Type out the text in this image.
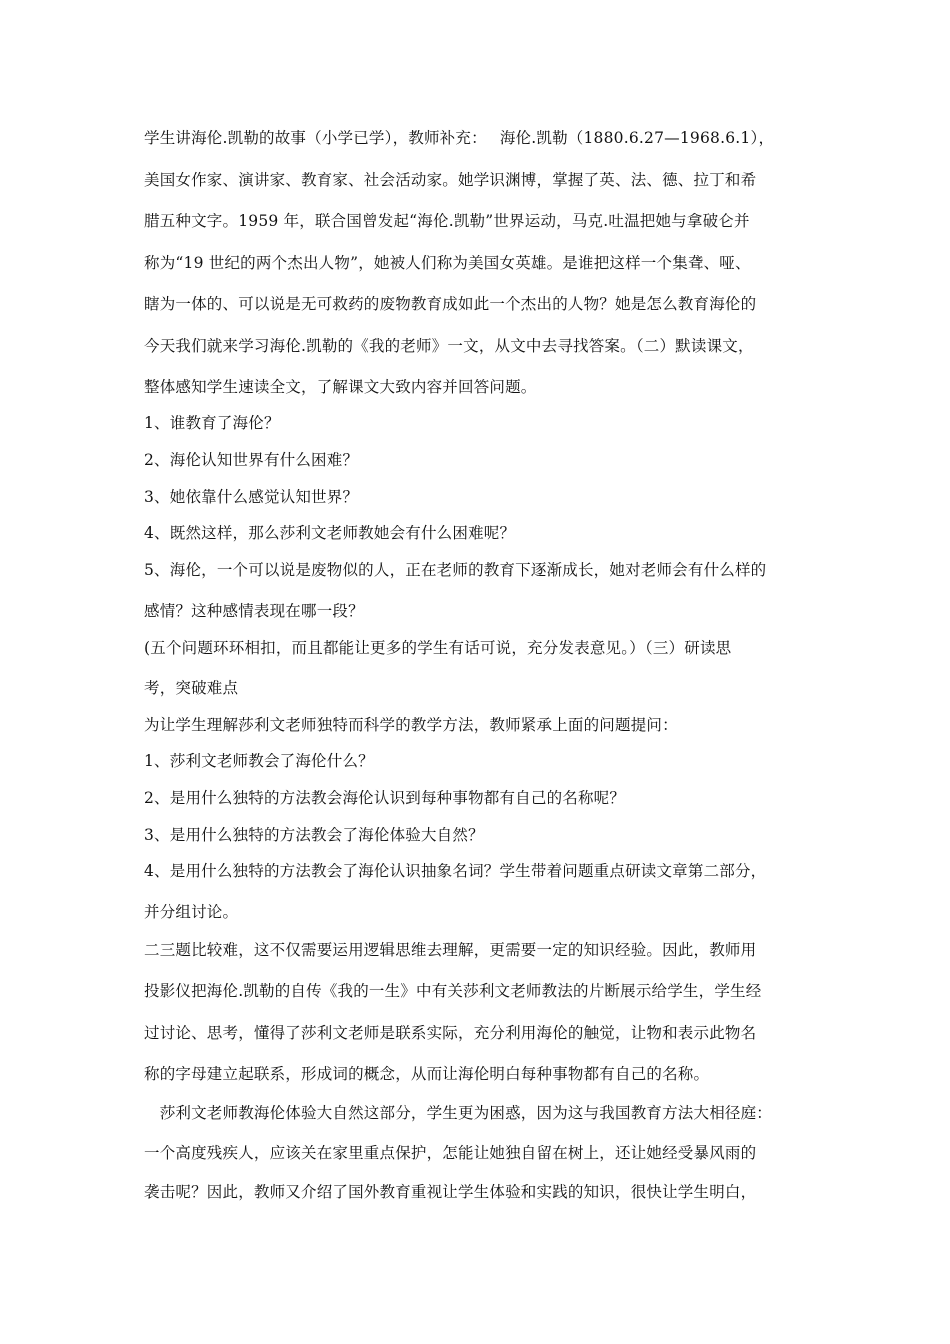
学生讲海伦.凯勒的故事（小学已学），教师补充：　 海伦.凯勒（1880.6.27—1968.6.1），
美国女作家、演讲家、教育家、社会活动家。她学识渊博，掌握了英、法、德、拉丁和希
腊五种文字。1959 年，联合国曾发起“海伦.凯勒”世界运动，马克.吐温把她与拿破仑并
称为“19 世纪的两个杰出人物”，她被人们称为美国女英雄。是谁把这样一个集聋、哑、
瞎为一体的、可以说是无可救药的废物教育成如此一个杰出的人物？她是怎么教育海伦的
今天我们就来学习海伦.凯勒的《我的老师》一文，从文中去寻找答案。（二）默读课文，
整体感知学生速读全文，了解课文大致内容并回答问题。
1、谁教育了海伦？
2、海伦认知世界有什么困难？
3、她依靠什么感觉认知世界？
4、既然这样，那么莎利文老师教她会有什么困难呢？
5、海伦，一个可以说是废物似的人，正在老师的教育下逐渐成长，她对老师会有什么样的
感情？这种感情表现在哪一段？
(五个问题环环相扣，而且都能让更多的学生有话可说，充分发表意见。）（三）研读思
考，突破难点
为让学生理解莎利文老师独特而科学的教学方法，教师紧承上面的问题提问：
1、莎利文老师教会了海伦什么？
2、是用什么独特的方法教会海伦认识到每种事物都有自己的名称呢？
3、是用什么独特的方法教会了海伦体验大自然？
4、是用什么独特的方法教会了海伦认识抽象名词？学生带着问题重点研读文章第二部分，
并分组讨论。
二三题比较难，这不仅需要运用逻辑思维去理解，更需要一定的知识经验。因此，教师用
投影仪把海伦.凯勒的自传《我的一生》中有关莎利文老师教法的片断展示给学生，学生经
过讨论、思考，懂得了莎利文老师是联系实际，充分利用海伦的触觉，让物和表示此物名
称的字母建立起联系，形成词的概念，从而让海伦明白每种事物都有自己的名称。
　莎利文老师教海伦体验大自然这部分，学生更为困惑，因为这与我国教育方法大相径庭：
一个高度残疾人，应该关在家里重点保护，怎能让她独自留在树上，还让她经受暴风雨的
袭击呢？因此，教师又介绍了国外教育重视让学生体验和实践的知识，很快让学生明白，
